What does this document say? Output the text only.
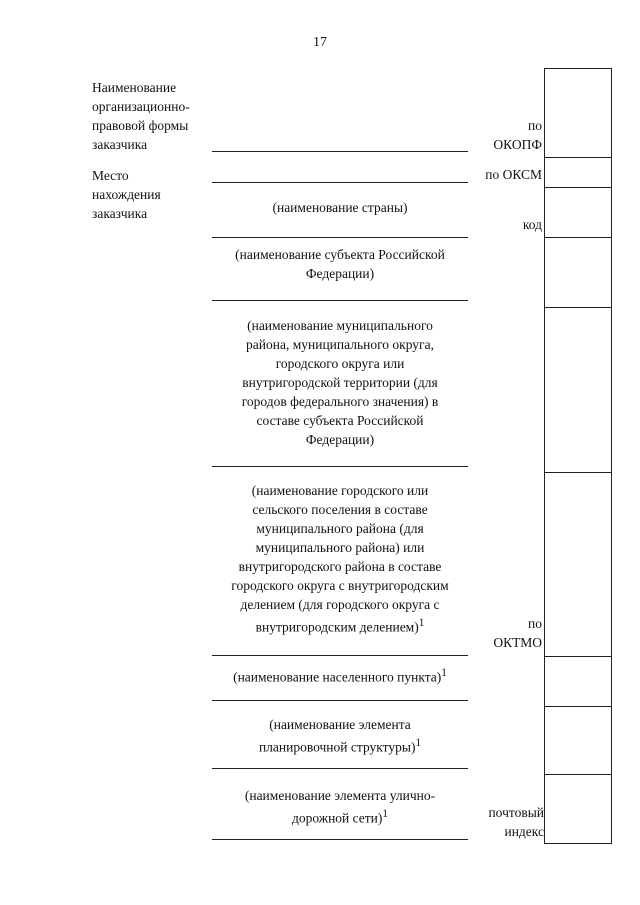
17
Наименование
организационно-
правовой формы
заказчика
Место
нахождения
заказчика	(наименование страны)
(наименование субъекта Российской
Федерации)
(наименование муниципального
района, муниципального округа,
городского округа или
внутригородской территории (для
городов федерального значения) в
составе субъекта Российской
Федерации)
(наименование городского или
сельского поселения в составе
муниципального района (для
муниципального района) или
внутригородского района в составе
городского округа с внутригородским
делением (для городского округа с
внутригородским делением)$^1$
(наименование населенного пункта)$^1$
(наименование элемента
планировочной структуры)$^1$
(наименование элемента улично-
дорожной сети)$^1$
по
ОКОПФ
по ОКСМ
код
по
ОКТМО
почтовый
индекс
